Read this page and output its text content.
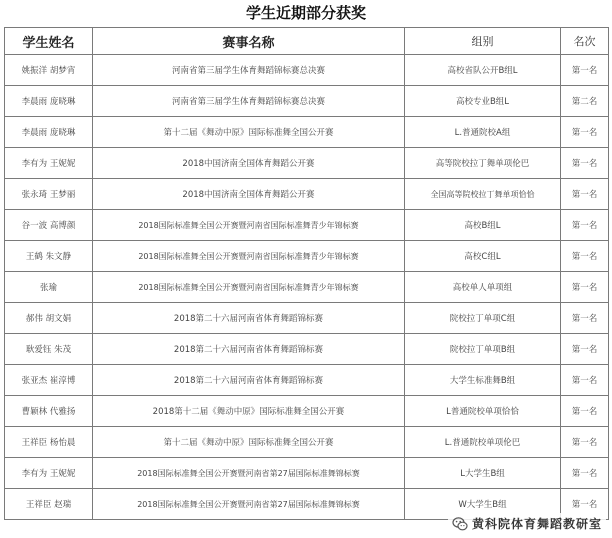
学生近期部分获奖
学生姓名	赛事名称	组别	名次
姚振洋 胡梦宵	河南省第三届学生体育舞蹈锦标赛总决赛	高校省队公开B组L	第一名
李晨雨 庞晓琳	河南省第三届学生体育舞蹈锦标赛总决赛	高校专业B组L	第二名
李晨雨 庞晓琳	第十二届《舞动中原》国际标准舞全国公开赛	L.普通院校A组	第一名
李有为 王妮妮	2018中国济南全国体育舞蹈公开赛	高等院校拉丁舞单项伦巴	第一名
张永琦 王梦丽	2018中国济南全国体育舞蹈公开赛	全国高等院校拉丁舞单项恰恰	第一名
谷一波 高博颜	2018国际标准舞全国公开赛暨河南省国际标准舞青少年锦标赛	高校B组L	第一名
王鹤 朱文静	2018国际标准舞全国公开赛暨河南省国际标准舞青少年锦标赛	高校C组L	第一名
张瑜	2018国际标准舞全国公开赛暨河南省国际标准舞青少年锦标赛	高校单人单项组	第一名
郝伟 胡文娟	2018第二十六届河南省体育舞蹈锦标赛	院校拉丁单项C组	第一名
耿爱钰 朱茂	2018第二十六届河南省体育舞蹈锦标赛	院校拉丁单项B组	第一名
张亚杰 崔淳博	2018第二十六届河南省体育舞蹈锦标赛	大学生标准舞B组	第一名
曹颖林 代雅扬	2018第十二届《舞动中原》国际标准舞全国公开赛	L普通院校单项恰恰	第一名
王祥臣 杨怡晨	第十二届《舞动中原》国际标准舞全国公开赛	L.普通院校单项伦巴	第一名
李有为 王妮妮	2018国际标准舞全国公开赛暨河南省第27届国际标准舞锦标赛	L大学生B组	第一名
王祥臣 赵瑞	2018国际标准舞全国公开赛暨河南省第27届国际标准舞锦标赛	W大学生B组	第一名
黄科院体育舞蹈教研室
